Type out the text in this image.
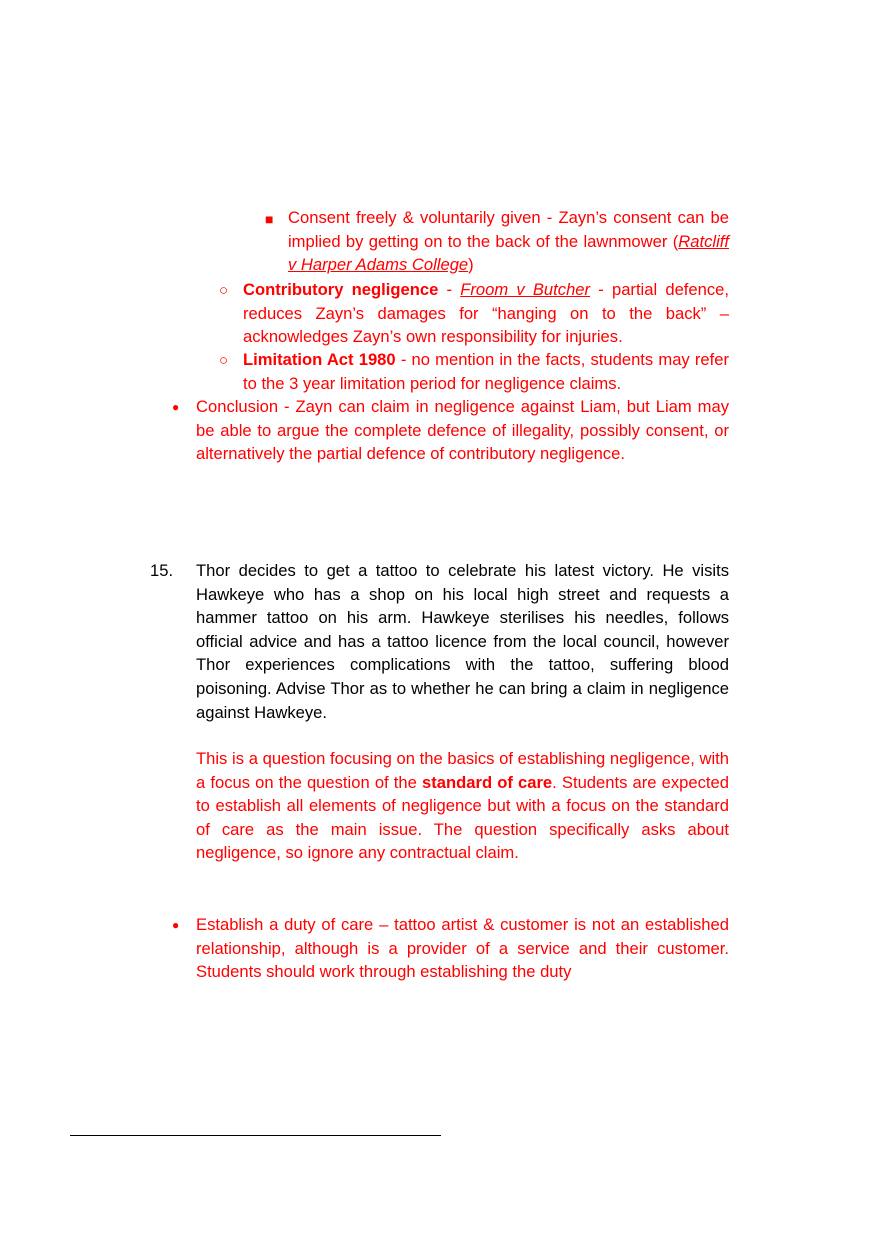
■ Consent freely & voluntarily given - Zayn’s consent can be implied by getting on to the back of the lawnmower (Ratcliff v Harper Adams College)
○ Contributory negligence - Froom v Butcher - partial defence, reduces Zayn’s damages for “hanging on to the back” – acknowledges Zayn’s own responsibility for injuries.
○ Limitation Act 1980 - no mention in the facts, students may refer to the 3 year limitation period for negligence claims.
● Conclusion - Zayn can claim in negligence against Liam, but Liam may be able to argue the complete defence of illegality, possibly consent, or alternatively the partial defence of contributory negligence.
15. Thor decides to get a tattoo to celebrate his latest victory. He visits Hawkeye who has a shop on his local high street and requests a hammer tattoo on his arm. Hawkeye sterilises his needles, follows official advice and has a tattoo licence from the local council, however Thor experiences complications with the tattoo, suffering blood poisoning. Advise Thor as to whether he can bring a claim in negligence against Hawkeye.
This is a question focusing on the basics of establishing negligence, with a focus on the question of the standard of care. Students are expected to establish all elements of negligence but with a focus on the standard of care as the main issue. The question specifically asks about negligence, so ignore any contractual claim.
● Establish a duty of care – tattoo artist & customer is not an established relationship, although is a provider of a service and their customer. Students should work through establishing the duty
